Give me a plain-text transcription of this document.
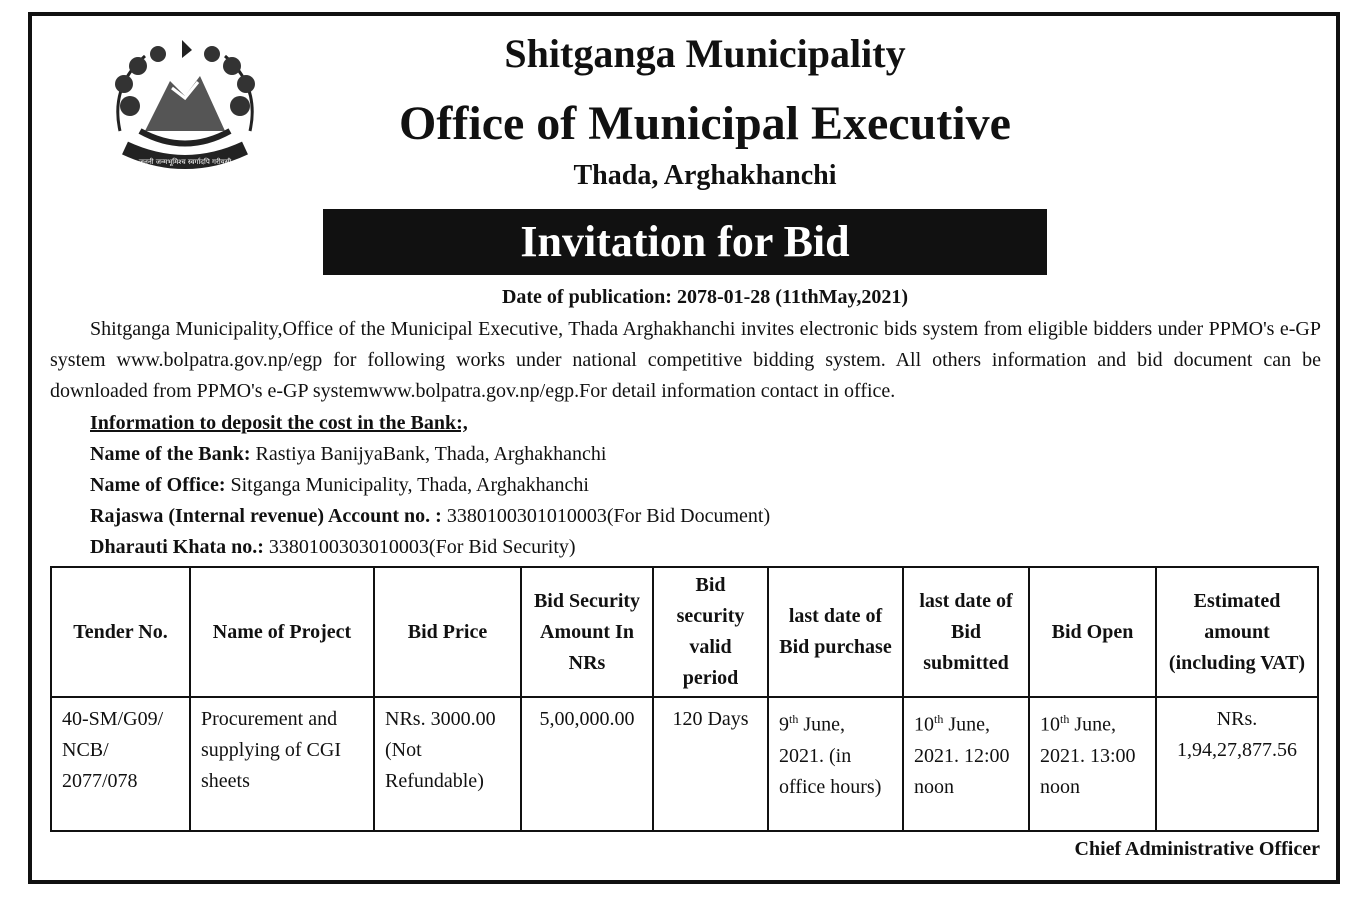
जननी जन्मभूमिश्च स्वर्गादपि गरीयसी
Shitganga Municipality
Office of Municipal Executive
Thada, Arghakhanchi
Invitation for Bid
Date of publication: 2078-01-28 (11thMay,2021)
Shitganga Municipality,Office of the Municipal Executive, Thada Arghakhanchi invites electronic bids system from eligible bidders under PPMO's e-GP system www.bolpatra.gov.np/egp for following works under national competitive bidding system. All others information and bid document can be downloaded from PPMO's e-GP systemwww.bolpatra.gov.np/egp.For detail information contact in office.
Information to deposit the cost in the Bank:,
Name of the Bank: Rastiya BanijyaBank, Thada, Arghakhanchi
Name of Office: Sitganga Municipality, Thada, Arghakhanchi
Rajaswa (Internal revenue) Account no. : 3380100301010003(For Bid Document)
Dharauti Khata no.: 3380100303010003(For Bid Security)
Tender No.	Name of Project	Bid Price	Bid Security Amount In NRs	Bid security valid period	last date of Bid purchase	last date of Bid submitted	Bid Open	Estimated amount (including VAT)
40-SM/G09/ NCB/ 2077/078	Procurement and supplying of CGI sheets	NRs. 3000.00 (Not Refundable)	5,00,000.00	120 Days	9th June, 2021. (in office hours)	10th June, 2021. 12:00 noon	10th June, 2021. 13:00 noon	NRs. 1,94,27,877.56
Chief Administrative Officer
